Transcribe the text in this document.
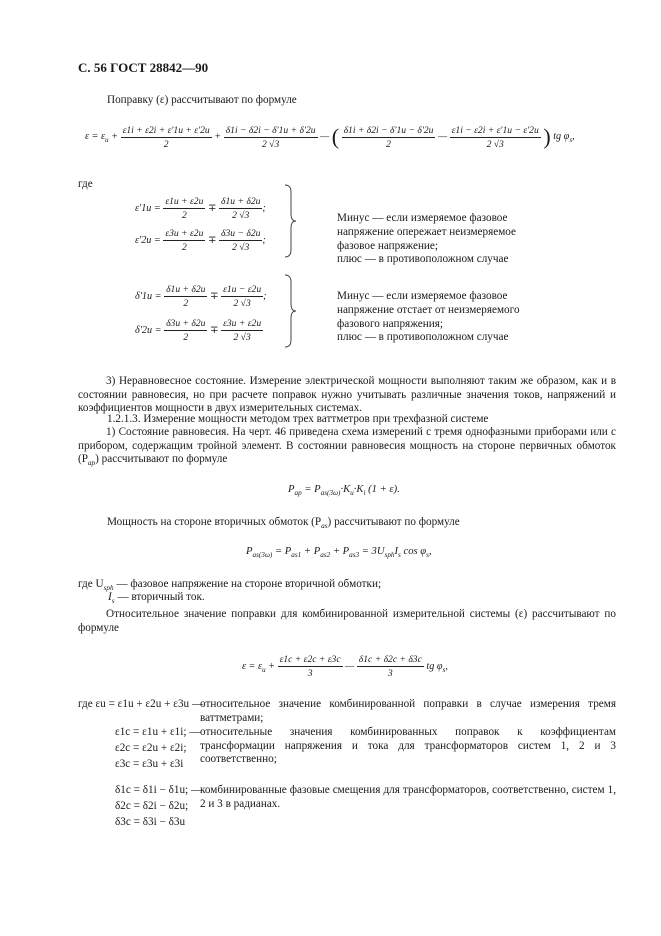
С. 56 ГОСТ 28842—90
Поправку (ε) рассчитывают по формуле
$\varepsilon = \varepsilon_u + \frac{\varepsilon 1i + \varepsilon 2i + \varepsilon'1u + \varepsilon'2u}{2} + \frac{\delta 1i - \delta 2i - \delta'1u + \delta'2u}{2 √3}$ — ( $\frac{\delta 1i + \delta 2i - \delta'1u - \delta'2u}{2}$ — $\frac{\varepsilon 1i - \varepsilon 2i + \varepsilon'1u - \varepsilon'2u}{2 √3}$ ) tg $\varphi_s$,
где
$\varepsilon'1u = \frac{\varepsilon 1u + \varepsilon 2u}{2} \mp \frac{\delta 1u + \delta 2u}{2 √3}$ ;
$\varepsilon'2u = \frac{\varepsilon 3u + \varepsilon 2u}{2} \mp \frac{\delta 3u - \delta 2u}{2 √3}$ ;
Минус — если измеряемое фазовое
напряжение опережает неизмеряемое
фазовое напряжение;
плюс — в противоположном случае
$\delta'1u = \frac{\delta 1u + \delta 2u}{2} \mp \frac{\varepsilon 1u - \varepsilon 2u}{2 √3}$ ;
$\delta'2u = \frac{\delta 3u + \delta 2u}{2} \mp \frac{\varepsilon 3u + \varepsilon 2u}{2 √3}$
Минус — если измеряемое фазовое
напряжение отстает от неизмеряемого
фазового напряжения;
плюс — в противоположном случае
3) Неравновесное состояние. Измерение электрической мощности выполняют таким же образом, как и в состоянии равновесия, но при расчете поправок нужно учитывать различные значения токов, напряжений и коэффициентов мощности в двух измерительных системах.
1.2.1.3. Измерение мощности методом трех ваттметров при трехфазной системе
1) Состояние равновесия. На черт. 46 приведена схема измерений с тремя однофазными приборами или с прибором, содержащим тройной элемент. В состоянии равновесия мощность на стороне первичных обмоток $(P_{ap})$ рассчитывают по формуле
$P_{ap} = P_{as(3\omega)}\cdot K_u\cdot K_i$ (1 + ε).
Мощность на стороне вторичных обмоток $(P_{as})$ рассчитывают по формуле
$P_{as(3\omega)} = P_{as1} + P_{as2} + P_{as3} = 3U_{sph}I_s$ $\cos \varphi_s$,
где $U_{sph}$ — фазовое напряжение на стороне вторичной обмотки;
$I_s$ — вторичный ток.
Относительное значение поправки для комбинированной измерительной системы (ε) рассчитывают по формуле
$\varepsilon = \varepsilon_u + \frac{\varepsilon 1c + \varepsilon 2c + \varepsilon 3c}{3}$ — $\frac{\delta 1c + \delta 2c + \delta 3c}{3}$ tg $\varphi_s$,
где εu = ε1u + ε2u + ε3u —
относительное значение комбинированной поправки в случае измерения тремя ваттметрами;
ε1c = ε1u + ε1i; — относительные значения комбинированных поправок к коэффициентам трансформации напряжения и тока для трансформаторов систем 1, 2 и 3 соответственно;
ε2c = ε2u + ε2i;
ε3c = ε3u + ε3i
δ1c = δ1i − δ1u; —
комбинированные фазовые смещения для трансформаторов, соответственно, систем 1, 2 и 3 в радианах.
δ2c = δ2i − δ2u;
δ3c = δ3i − δ3u
